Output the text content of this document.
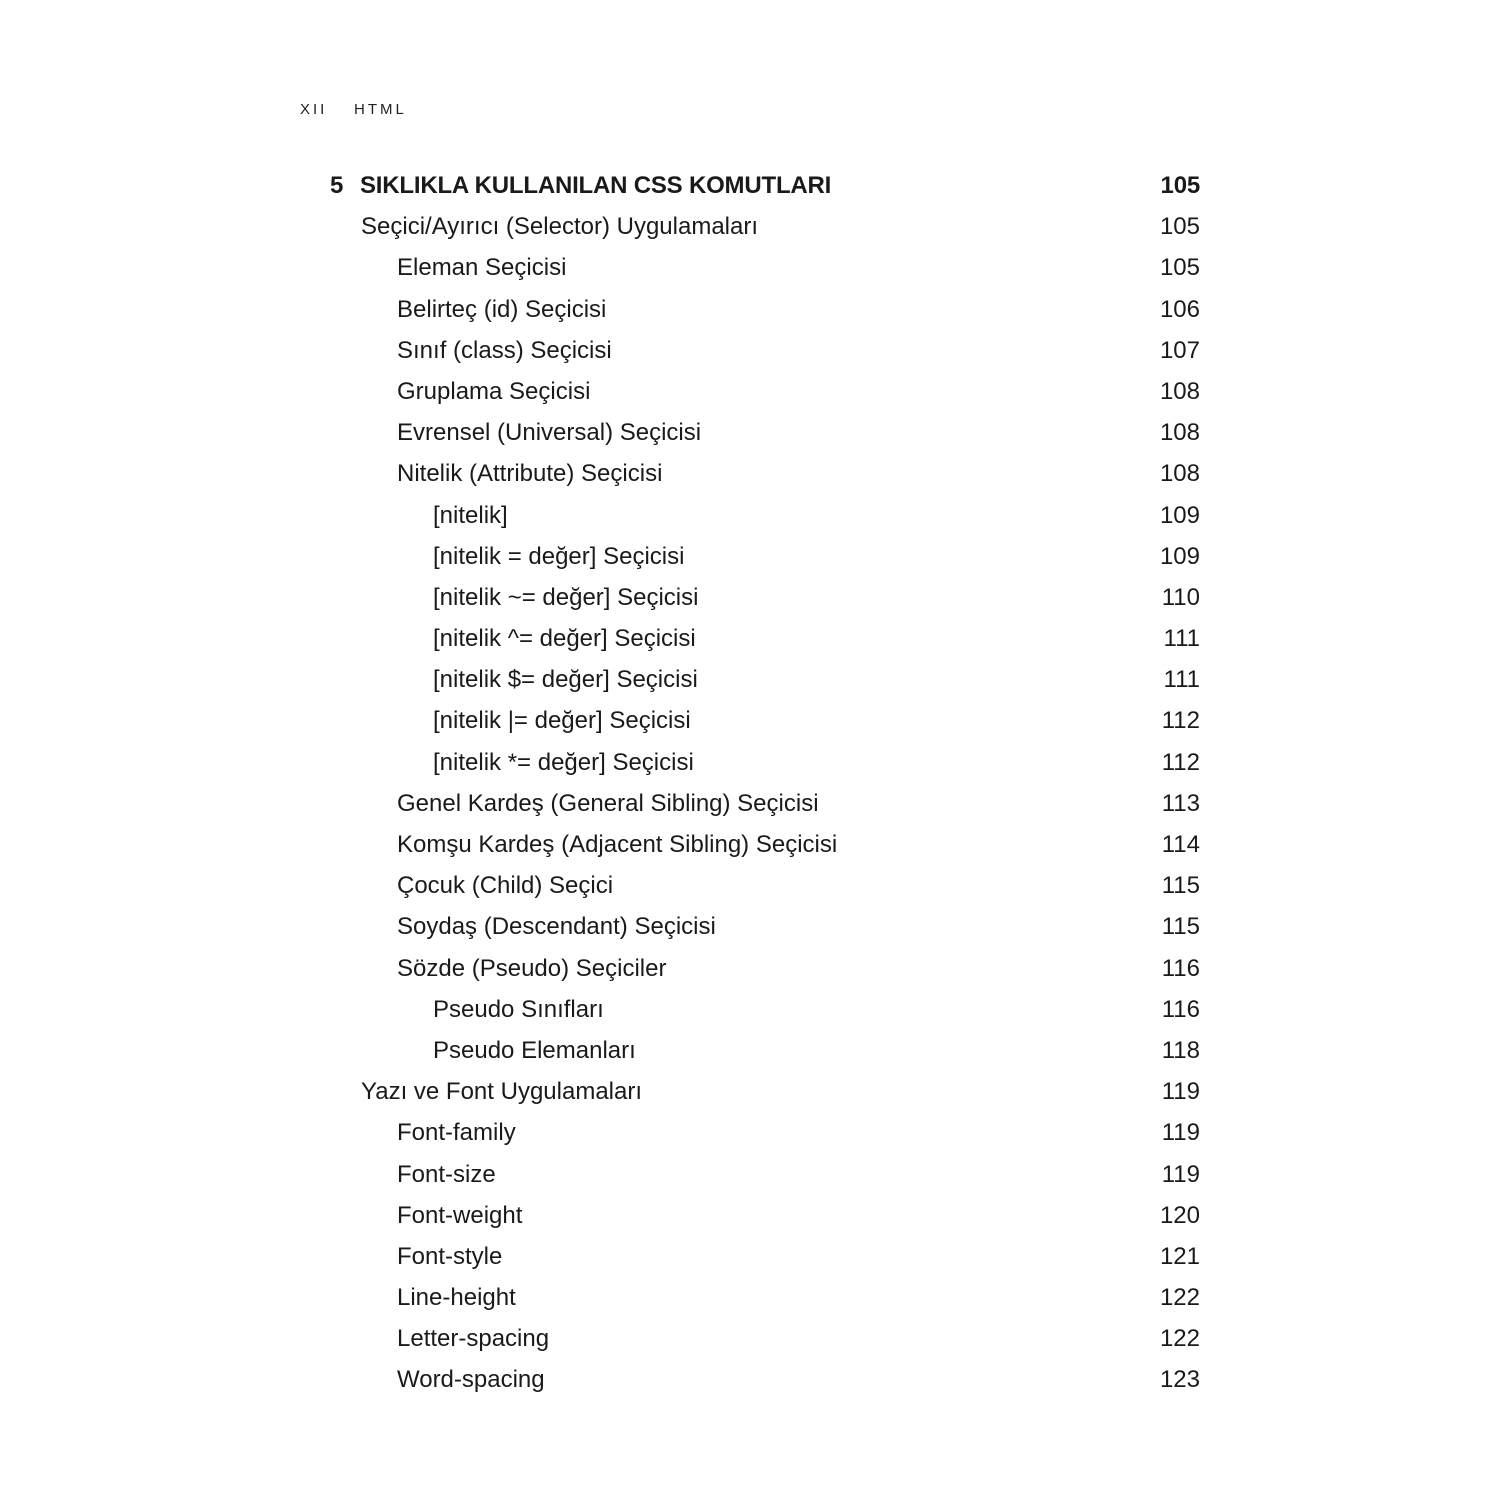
XII HTML
5 SIKLIKLA KULLANILAN CSS KOMUTLARI	105
Seçici/Ayırıcı (Selector) Uygulamaları	105
Eleman Seçicisi	105
Belirteç (id) Seçicisi	106
Sınıf (class) Seçicisi	107
Gruplama Seçicisi	108
Evrensel (Universal) Seçicisi	108
Nitelik (Attribute) Seçicisi	108
[nitelik]	109
[nitelik = değer] Seçicisi	109
[nitelik ~= değer] Seçicisi	110
[nitelik ^= değer] Seçicisi	111
[nitelik $= değer] Seçicisi	111
[nitelik |= değer] Seçicisi	112
[nitelik *= değer] Seçicisi	112
Genel Kardeş (General Sibling) Seçicisi	113
Komşu Kardeş (Adjacent Sibling) Seçicisi	114
Çocuk (Child) Seçici	115
Soydaş (Descendant) Seçicisi	115
Sözde (Pseudo) Seçiciler	116
Pseudo Sınıfları	116
Pseudo Elemanları	118
Yazı ve Font Uygulamaları	119
Font-family	119
Font-size	119
Font-weight	120
Font-style	121
Line-height	122
Letter-spacing	122
Word-spacing	123
